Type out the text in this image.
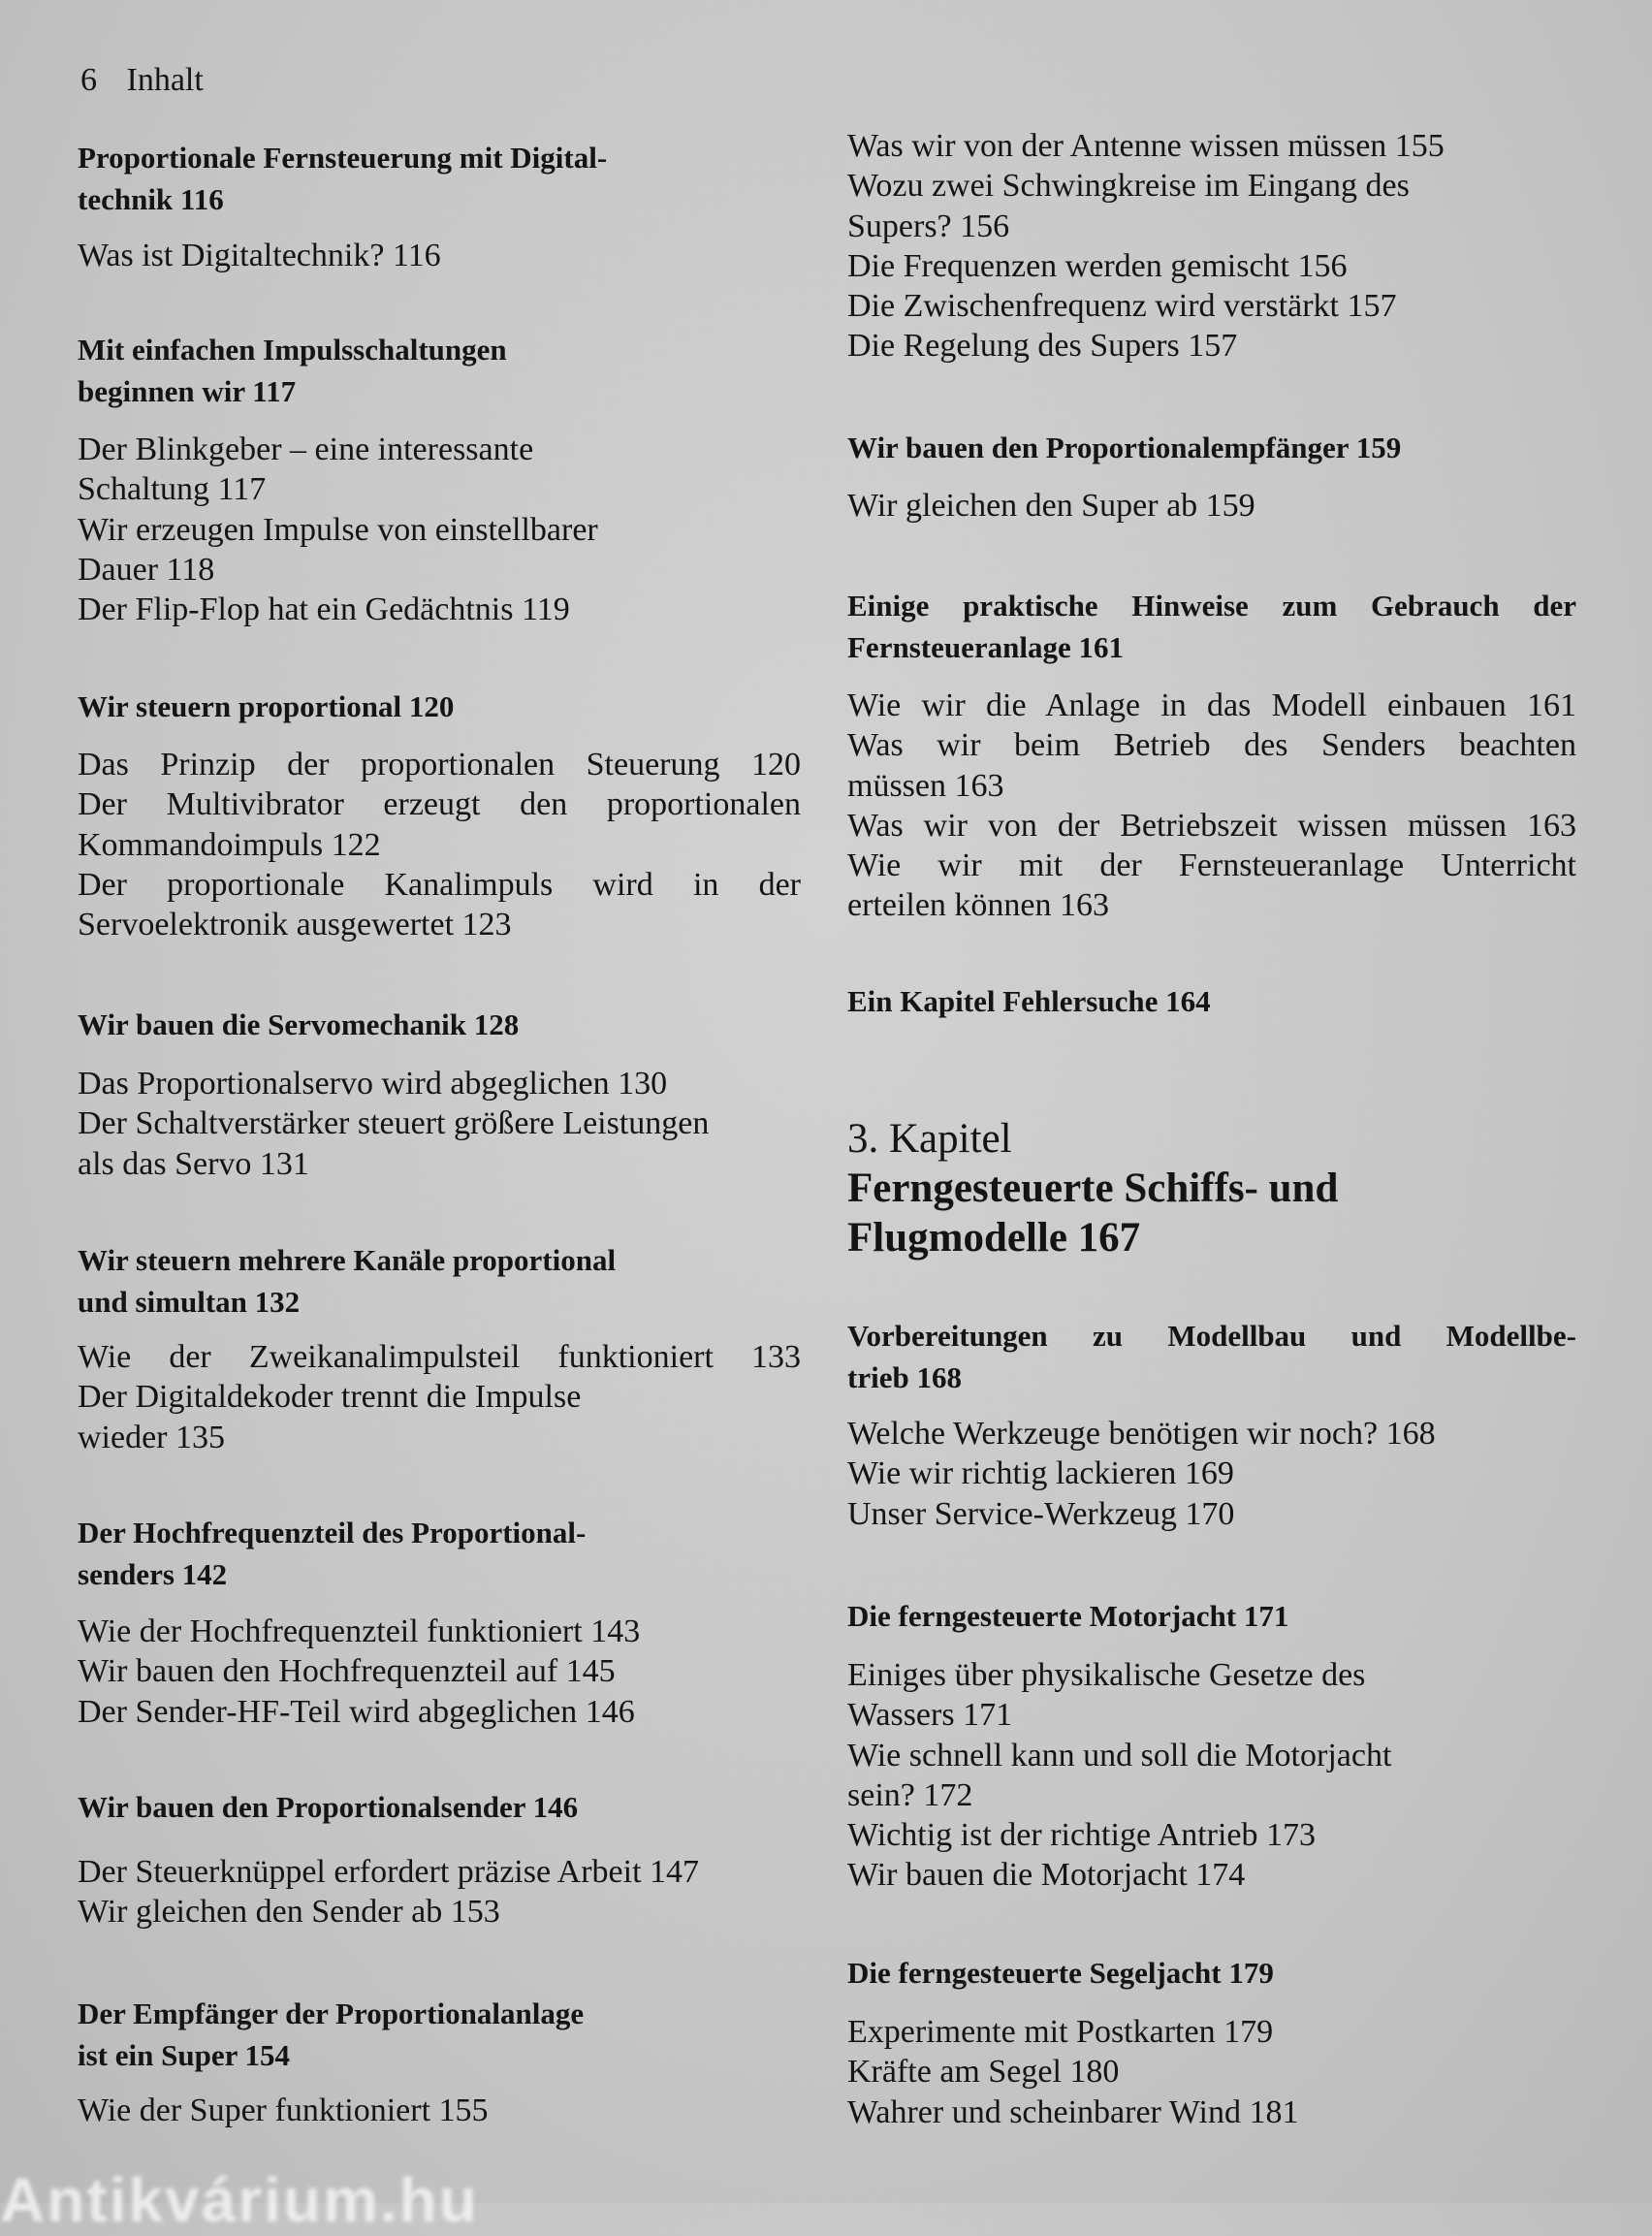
6 Inhalt
Proportionale Fernsteuerung mit Digital-
technik 116
Was ist Digitaltechnik? 116
Mit einfachen Impulsschaltungen
beginnen wir 117
Der Blinkgeber – eine interessante
Schaltung 117
Wir erzeugen Impulse von einstellbarer
Dauer 118
Der Flip-Flop hat ein Gedächtnis 119
Wir steuern proportional 120
Das Prinzip der proportionalen Steuerung 120
Der Multivibrator erzeugt den proportionalen
Kommandoimpuls 122
Der proportionale Kanalimpuls wird in der
Servoelektronik ausgewertet 123
Wir bauen die Servomechanik 128
Das Proportionalservo wird abgeglichen 130
Der Schaltverstärker steuert größere Leistungen
als das Servo 131
Wir steuern mehrere Kanäle proportional
und simultan 132
Wie der Zweikanalimpulsteil funktioniert 133
Der Digitaldekoder trennt die Impulse
wieder 135
Der Hochfrequenzteil des Proportional-
senders 142
Wie der Hochfrequenzteil funktioniert 143
Wir bauen den Hochfrequenzteil auf 145
Der Sender-HF-Teil wird abgeglichen 146
Wir bauen den Proportionalsender 146
Der Steuerknüppel erfordert präzise Arbeit 147
Wir gleichen den Sender ab 153
Der Empfänger der Proportionalanlage
ist ein Super 154
Wie der Super funktioniert 155
Was wir von der Antenne wissen müssen 155
Wozu zwei Schwingkreise im Eingang des
Supers? 156
Die Frequenzen werden gemischt 156
Die Zwischenfrequenz wird verstärkt 157
Die Regelung des Supers 157
Wir bauen den Proportionalempfänger 159
Wir gleichen den Super ab 159
Einige praktische Hinweise zum Gebrauch der
Fernsteueranlage 161
Wie wir die Anlage in das Modell einbauen 161
Was wir beim Betrieb des Senders beachten
müssen 163
Was wir von der Betriebszeit wissen müssen 163
Wie wir mit der Fernsteueranlage Unterricht
erteilen können 163
Ein Kapitel Fehlersuche 164
3. Kapitel
Ferngesteuerte Schiffs- und
Flugmodelle 167
Vorbereitungen zu Modellbau und Modellbe-
trieb 168
Welche Werkzeuge benötigen wir noch? 168
Wie wir richtig lackieren 169
Unser Service-Werkzeug 170
Die ferngesteuerte Motorjacht 171
Einiges über physikalische Gesetze des
Wassers 171
Wie schnell kann und soll die Motorjacht
sein? 172
Wichtig ist der richtige Antrieb 173
Wir bauen die Motorjacht 174
Die ferngesteuerte Segeljacht 179
Experimente mit Postkarten 179
Kräfte am Segel 180
Wahrer und scheinbarer Wind 181
Antikvárium.hu
